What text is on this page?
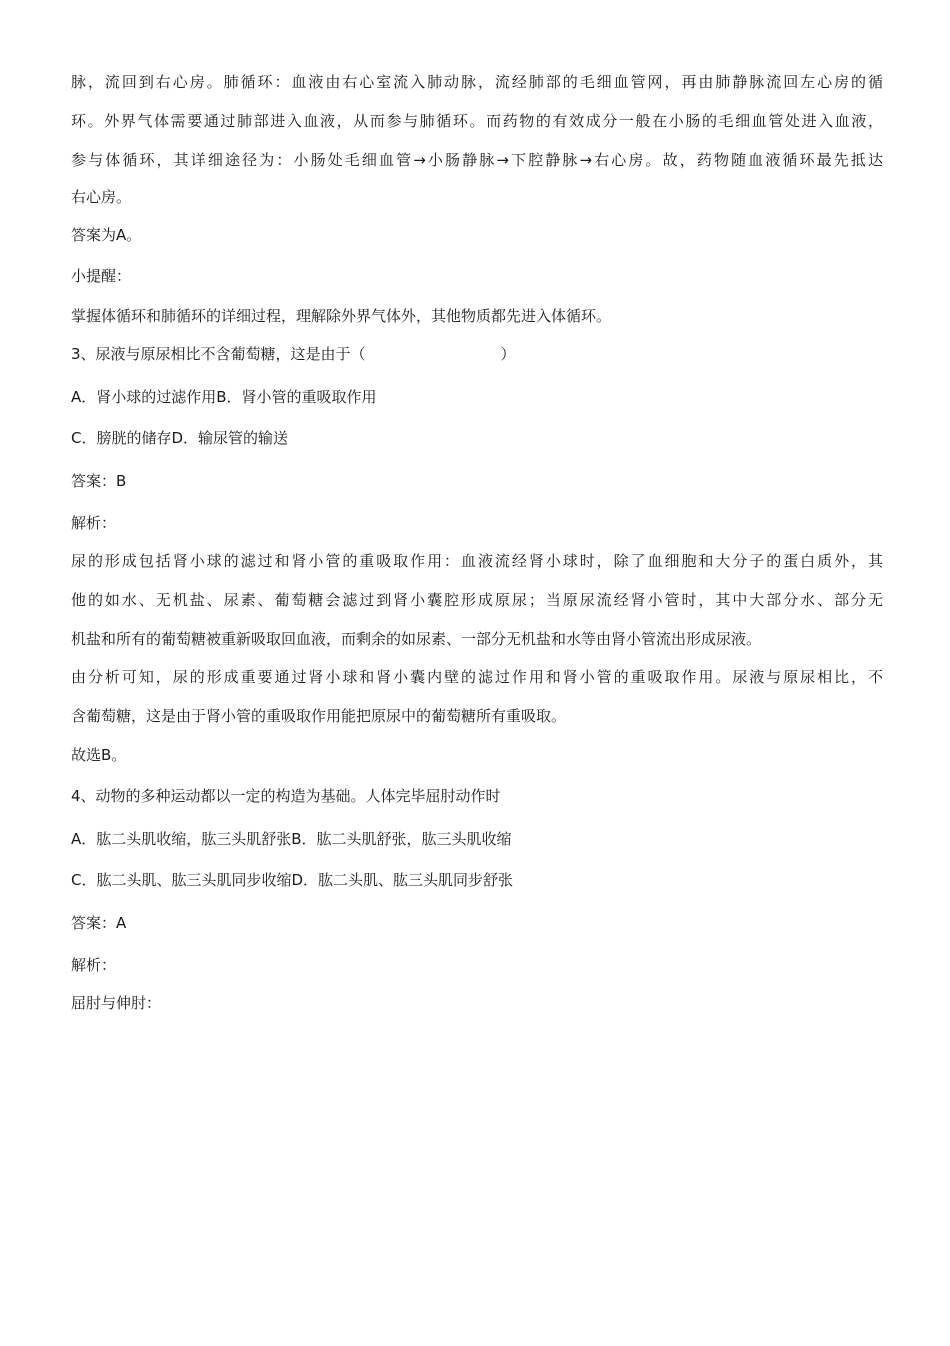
脉，流回到右心房。肺循环：血液由右心室流入肺动脉，流经肺部的毛细血管网，再由肺静脉流回左心房的循
环。外界气体需要通过肺部进入血液，从而参与肺循环。而药物的有效成分一般在小肠的毛细血管处进入血液，
参与体循环，其详细途径为：小肠处毛细血管→小肠静脉→下腔静脉→右心房。故，药物随血液循环最先抵达
右心房。
答案为A。
小提醒：
掌握体循环和肺循环的详细过程，理解除外界气体外，其他物质都先进入体循环。
3、尿液与原尿相比不含葡萄糖，这是由于（　　　　　　　　　）
A．肾小球的过滤作用B．肾小管的重吸取作用
C．膀胱的储存D．输尿管的输送
答案：B
解析：
尿的形成包括肾小球的滤过和肾小管的重吸取作用：血液流经肾小球时，除了血细胞和大分子的蛋白质外，其
他的如水、无机盐、尿素、葡萄糖会滤过到肾小囊腔形成原尿；当原尿流经肾小管时，其中大部分水、部分无
机盐和所有的葡萄糖被重新吸取回血液，而剩余的如尿素、一部分无机盐和水等由肾小管流出形成尿液。
由分析可知，尿的形成重要通过肾小球和肾小囊内壁的滤过作用和肾小管的重吸取作用。尿液与原尿相比，不
含葡萄糖，这是由于肾小管的重吸取作用能把原尿中的葡萄糖所有重吸取。
故选B。
4、动物的多种运动都以一定的构造为基础。人体完毕屈肘动作时
A．肱二头肌收缩，肱三头肌舒张B．肱二头肌舒张，肱三头肌收缩
C．肱二头肌、肱三头肌同步收缩D．肱二头肌、肱三头肌同步舒张
答案：A
解析：
屈肘与伸肘：
